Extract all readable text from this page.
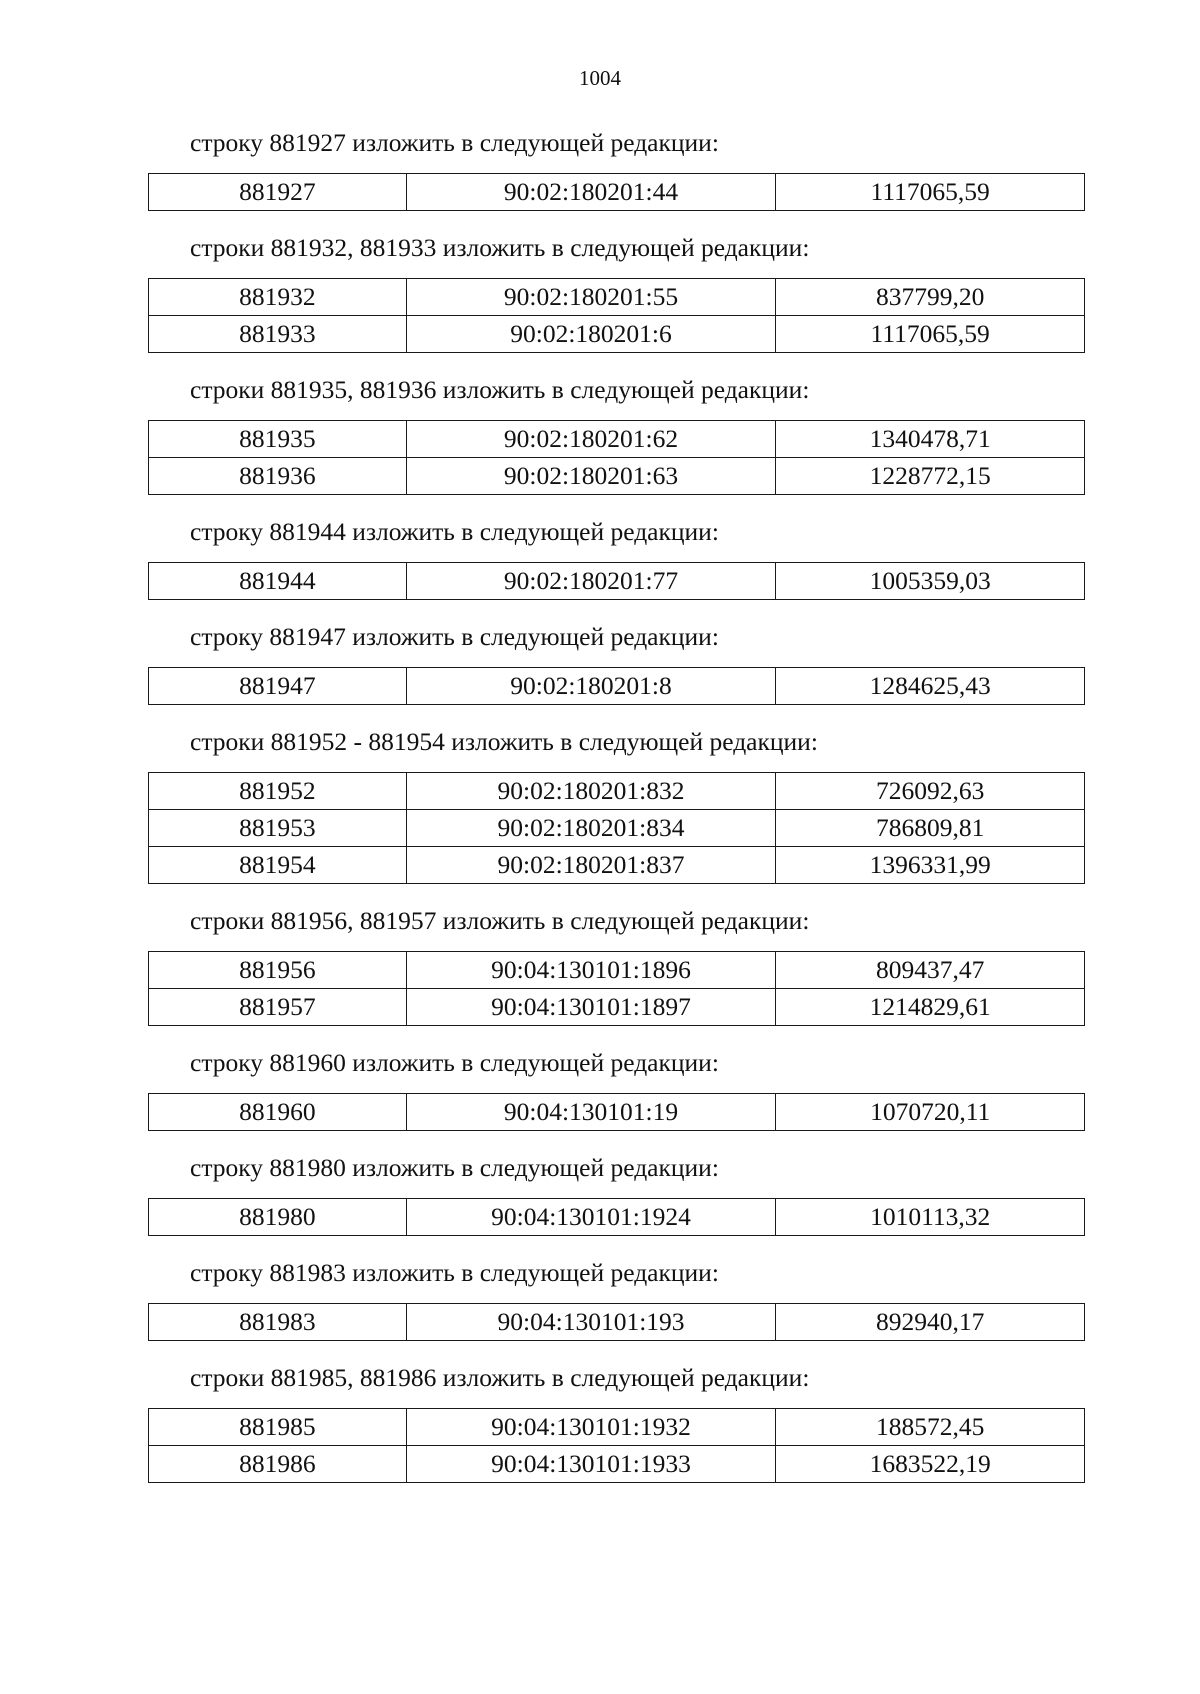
1004
строку 881927 изложить в следующей редакции:
881927	90:02:180201:44	1117065,59
строки 881932, 881933 изложить в следующей редакции:
881932	90:02:180201:55	837799,20
881933	90:02:180201:6	1117065,59
строки 881935, 881936 изложить в следующей редакции:
881935	90:02:180201:62	1340478,71
881936	90:02:180201:63	1228772,15
строку 881944 изложить в следующей редакции:
881944	90:02:180201:77	1005359,03
строку 881947 изложить в следующей редакции:
881947	90:02:180201:8	1284625,43
строки 881952 - 881954 изложить в следующей редакции:
881952	90:02:180201:832	726092,63
881953	90:02:180201:834	786809,81
881954	90:02:180201:837	1396331,99
строки 881956, 881957 изложить в следующей редакции:
881956	90:04:130101:1896	809437,47
881957	90:04:130101:1897	1214829,61
строку 881960 изложить в следующей редакции:
881960	90:04:130101:19	1070720,11
строку 881980 изложить в следующей редакции:
881980	90:04:130101:1924	1010113,32
строку 881983 изложить в следующей редакции:
881983	90:04:130101:193	892940,17
строки 881985, 881986 изложить в следующей редакции:
881985	90:04:130101:1932	188572,45
881986	90:04:130101:1933	1683522,19
